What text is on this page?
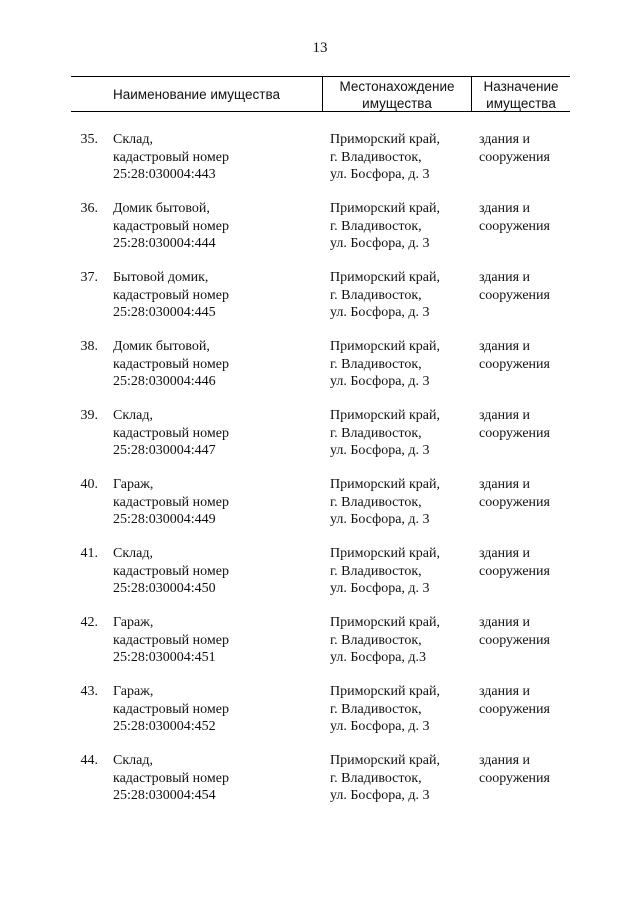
13
Наименование имущества
Местонахождение
имущества
Назначение
имущества
35. Склад,
кадастровый номер
25:28:030004:443
Приморский край,
г. Владивосток,
ул. Босфора, д. 3
здания и
сооружения
36. Домик бытовой,
кадастровый номер
25:28:030004:444
Приморский край,
г. Владивосток,
ул. Босфора, д. 3
здания и
сооружения
37. Бытовой домик,
кадастровый номер
25:28:030004:445
Приморский край,
г. Владивосток,
ул. Босфора, д. 3
здания и
сооружения
38. Домик бытовой,
кадастровый номер
25:28:030004:446
Приморский край,
г. Владивосток,
ул. Босфора, д. 3
здания и
сооружения
39. Склад,
кадастровый номер
25:28:030004:447
Приморский край,
г. Владивосток,
ул. Босфора, д. 3
здания и
сооружения
40. Гараж,
кадастровый номер
25:28:030004:449
Приморский край,
г. Владивосток,
ул. Босфора, д. 3
здания и
сооружения
41. Склад,
кадастровый номер
25:28:030004:450
Приморский край,
г. Владивосток,
ул. Босфора, д. 3
здания и
сооружения
42. Гараж,
кадастровый номер
25:28:030004:451
Приморский край,
г. Владивосток,
ул. Босфора, д.3
здания и
сооружения
43. Гараж,
кадастровый номер
25:28:030004:452
Приморский край,
г. Владивосток,
ул. Босфора, д. 3
здания и
сооружения
44. Склад,
кадастровый номер
25:28:030004:454
Приморский край,
г. Владивосток,
ул. Босфора, д. 3
здания и
сооружения
